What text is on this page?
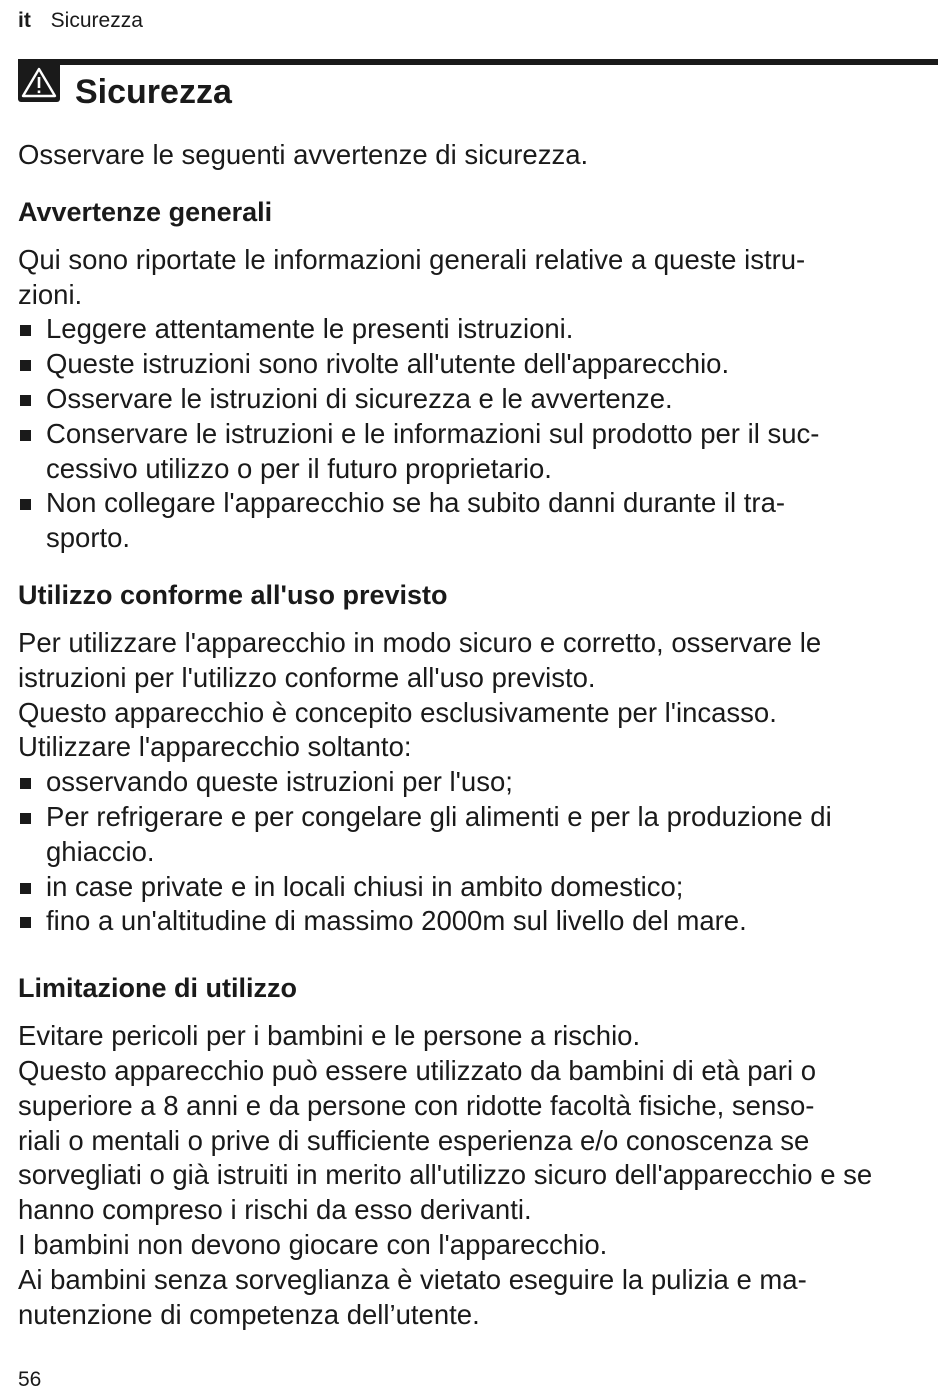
it Sicurezza
Sicurezza

Osservare le seguenti avvertenze di sicurezza.

Avvertenze generali

Qui sono riportate le informazioni generali relative a queste istru-
zioni.

Leggere attentamente le presenti istruzioni.
Queste istruzioni sono rivolte all'utente dell'apparecchio.
Osservare le istruzioni di sicurezza e le avvertenze.
Conservare le istruzioni e le informazioni sul prodotto per il suc-
cessivo utilizzo o per il futuro proprietario.
Non collegare l'apparecchio se ha subito danni durante il tra-
sporto.
Utilizzo conforme all'uso previsto

Per utilizzare l'apparecchio in modo sicuro e corretto, osservare le istruzioni per l'utilizzo conforme all'uso previsto.

Questo apparecchio è concepito esclusivamente per l'incasso.

Utilizzare l'apparecchio soltanto:

osservando queste istruzioni per l'uso;
Per refrigerare e per congelare gli alimenti e per la produzione di ghiaccio.
in case private e in locali chiusi in ambito domestico;
fino a un'altitudine di massimo 2000m sul livello del mare.
Limitazione di utilizzo

Evitare pericoli per i bambini e le persone a rischio.

Questo apparecchio può essere utilizzato da bambini di età pari o superiore a 8 anni e da persone con ridotte facoltà fisiche, senso-
riali o mentali o prive di sufficiente esperienza e/o conoscenza se sorvegliati o già istruiti in merito all'utilizzo sicuro dell'apparecchio e se hanno compreso i rischi da esso derivanti.

I bambini non devono giocare con l'apparecchio.

Ai bambini senza sorveglianza è vietato eseguire la pulizia e ma-
nutenzione di competenza dell’utente.

56
